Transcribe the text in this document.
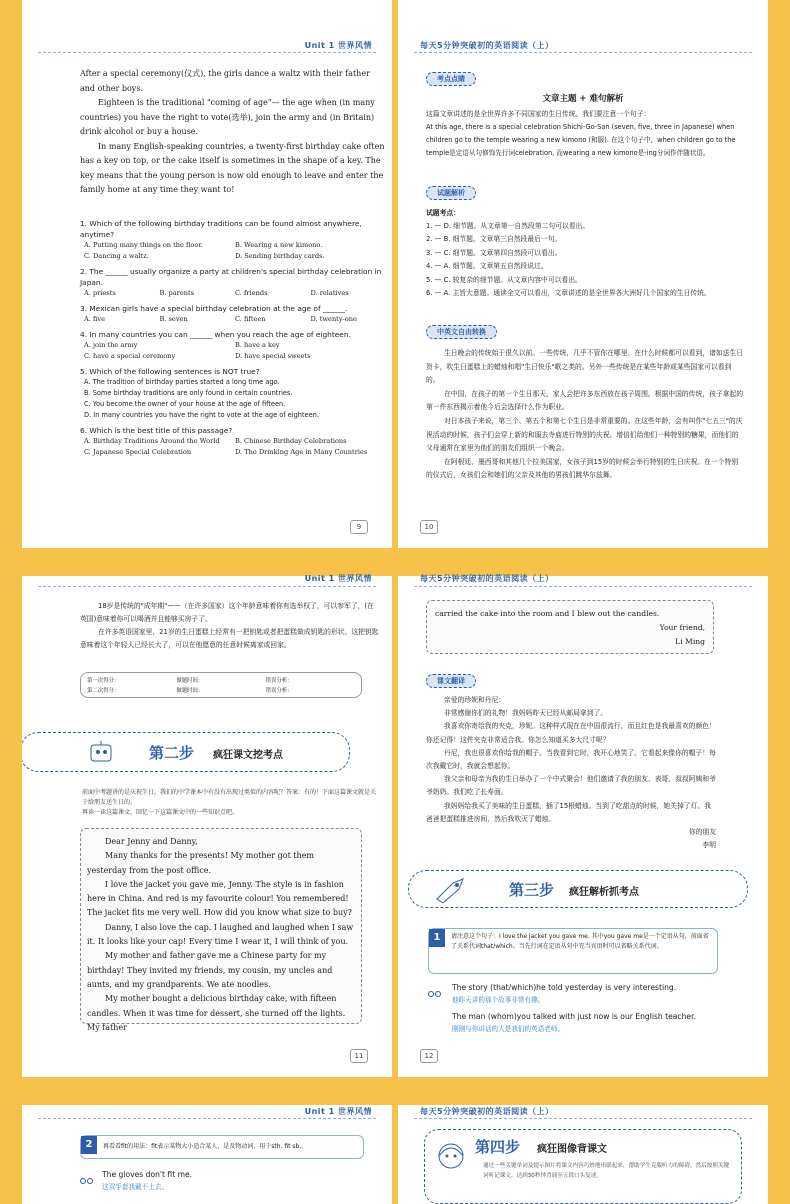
Unit 1 世界风情

After a special ceremony(仪式), the girls dance a waltz with their father and other boys.

Eighteen is the traditional "coming of age"— the age when (in many countries) you have the right to vote(选举), join the army and (in Britain) drink alcohol or buy a house.

In many English-speaking countries, a twenty-first birthday cake often has a key on top, or the cake itself is sometimes in the shape of a key. The key means that the young person is now old enough to leave and enter the family home at any time they want to!

1. Which of the following birthday traditions can be found almost anywhere, anytime?
A. Putting many things on the floor.	B. Wearing a new kimono.
C. Dancing a waltz.	D. Sending birthday cards.
2. The ______ usually organize a party at children's special birthday celebration in Japan.
A. priests	B. parents	C. friends	D. relatives
3. Mexican girls have a special birthday celebration at the age of ______.
A. five	B. seven	C. fifteen	D. twenty-one
4. In many countries you can ______ when you reach the age of eighteen.
A. join the army	B. have a key
C. have a special ceremony	D. have special sweets
5. Which of the following sentences is NOT true?
A. The tradition of birthday parties started a long time ago.
B. Some birthday traditions are only found in certain countries.
C. You become the owner of your house at the age of fifteen.
D. In many countries you have the right to vote at the age of eighteen.
6. Which is the best title of this passage?
A. Birthday Traditions Around the World	B. Chinese Birthday Celebrations
C. Japanese Special Celebration	D. The Drinking Age in Many Countries
9
每天5分钟突破初的英语阅读（上）
考点点睛
文章主题 + 难句解析
这篇文章讲述的是全世界许多不同国家的生日传统。我们要注意一个句子：
At this age, there is a special celebration Shichi-Go-San (seven, five, three in Japanese) when children go to the temple wearing a new kimono (和服). 在这个句子中，when children go to the temple是定语从句修饰先行词celebration, 而wearing a new kimono是-ing分词作伴随状语。
试题解析
试题考点：
1. — D. 细节题。从文章第一自然段第二句可以看出。
2. — B. 细节题。文章第三自然段最后一句。
3. — C. 细节题。文章第四自然段可以看出。
4. — A. 细节题。文章第五自然段说过。
5. — C. 较复杂的细节题。从文章内容中可以看出。
6. — A. 主旨大意题。通读全文可以看出，文章讲述的是全世界各大洲好几个国家的生日传统。
中英文自由转换

生日晚会的传统始于很久以前。一些传统，几乎不管你在哪里、在什么时候都可以看到，诸如送生日贺卡，吹生日蛋糕上的蜡烛和唱"生日快乐"歌之类的。另外一些传统是在某些年龄或某些国家可以看到的。

在中国，在孩子的第一个生日那天，家人会把许多东西放在孩子周围。根据中国的传统，孩子拿起的第一件东西揭示着他今后会选择什么作为职业。

对日本孩子来说，第三个、第五个和第七个生日是非常重要的。在这些年龄，会有叫作"七五三"的庆祝活动的时候，孩子们会穿上新的和服去寺庙进行特别的庆祝。增倍们给他们一种特别的糖果，而他们的父母通常在家里为他们的朋友们组织一个晚会。

在阿根廷、墨西哥和其他几个拉美国家，女孩子到15岁的时候会举行特别的生日庆祝。在一个特别的仪式后，女孩们会和她们的父亲及其他的男孩们跳华尔兹舞。

10
Unit 1 世界风情

18岁是传统的"成年期"——（在许多国家）这个年龄意味着你有选举权了，可以参军了，(在英国)意味着你可以喝酒并且能够买房子了。

在许多英语国家里，21岁的生日蛋糕上经常有一把钥匙或者把蛋糕做成钥匙的形状。这把钥匙意味着这个年轻人已经长大了，可以在他愿意的任意时候离家或回家。

第一次得分：	做题时间：	错误分析：
第二次得分：	做题时间：	错误分析：
第二步 疯狂课文挖考点
前面中考题讲的是庆祝生日。我们的中学课本中有没有出现过类似的内容呢？答案：有的！下面这篇课文就是关于给朋友送生日的。
再读一读这篇课文，回忆一下这篇课文中的一些知识点吧。

Dear Jenny and Danny,

Many thanks for the presents! My mother got them yesterday from the post office.

I love the jacket you gave me, Jenny. The style is in fashion here in China. And red is my favourite colour! You remembered! The jacket fits me very well. How did you know what size to buy?

Danny, I also love the cap. I laughed and laughed when I saw it. It looks like your cap! Every time I wear it, I will think of you.

My mother and father gave me a Chinese party for my birthday! They invited my friends, my cousin, my uncles and aunts, and my grandparents. We ate noodles.

My mother bought a delicious birthday cake, with fifteen candles. When it was time for dessert, she turned off the lights. My father

11
每天5分钟突破初的英语阅读（上）

carried the cake into the room and I blew out the candles.

Your friend,

Li Ming

课文翻译

亲爱的珍妮和丹尼：

非常感谢你们的礼物！我妈妈昨天已经从邮局拿到了。

我喜欢你寄给我的夹克，珍妮。这种样式现在在中国很流行，而且红色是我最喜欢的颜色！你还记得！这件夹克非常适合我。你怎么知道买多大尺寸呢？

丹尼，我也很喜欢你给我的帽子。当我看到它时，我开心地笑了。它看起来像你的帽子！每次我戴它时，我就会想起你。

我父亲和母亲为我的生日举办了一个中式聚会！他们邀请了我的朋友、表哥、叔叔阿姨和爷爷奶奶。我们吃了长寿面。

我妈妈给我买了美味的生日蛋糕，插了15根蜡烛。当到了吃甜点的时候，她关掉了灯。我爸爸把蛋糕推进房间，然后我吹灭了蜡烛。

你的朋友

李明

第三步 疯狂解析抓考点
1	请注意这个句子：I love the jacket you gave me. 其中you gave me是一个定语从句，前面省了关系代词that/which。当先行词在定语从句中充当宾语时可以省略关系代词。
The story (that/which)he told yesterday is very interesting.
他昨天讲的那个故事非常有趣。
The man (whom)you talked with just now is our English teacher.
刚刚与你讲话的人是我们的英语老师。
12
Unit 1 世界风情
2	再看看fit的用法：fit表示某物大小适合某人，是及物动词，用于sth. fit sb.。
The gloves don't fit me.
这双手套我戴不上去。
每天5分钟突破初的英语阅读（上）
第四步 疯狂图像背课文
通过一些关键单词及提示图片将课文内容巧妙地串联起来，帮助学生克服听力的障碍，然后按照关键词听记课文，达到30秒钟背诵至五段口头复述。
